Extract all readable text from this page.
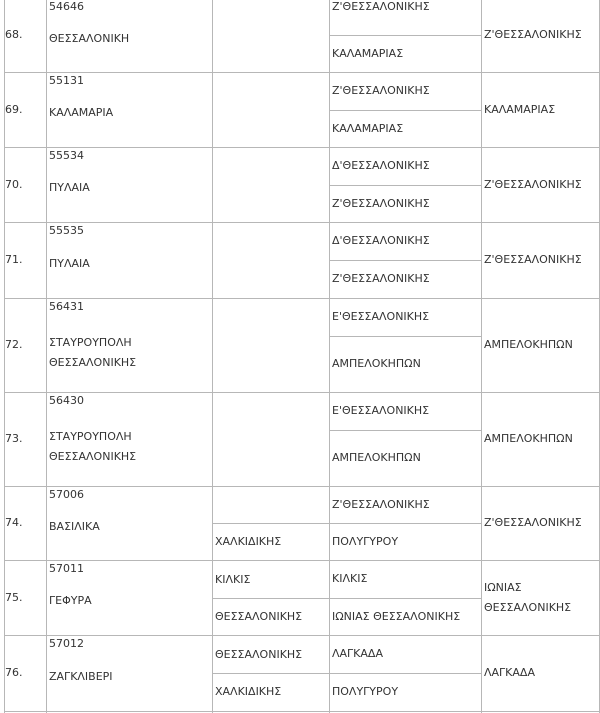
68.
54646
ΘΕΣΣΑΛΟΝΙΚΗ
Ζ'ΘΕΣΣΑΛΟΝΙΚΗΣ
ΚΑΛΑΜΑΡΙΑΣ
Ζ'ΘΕΣΣΑΛΟΝΙΚΗΣ
69.
55131
ΚΑΛΑΜΑΡΙΑ
Ζ'ΘΕΣΣΑΛΟΝΙΚΗΣ
ΚΑΛΑΜΑΡΙΑΣ
ΚΑΛΑΜΑΡΙΑΣ
70.
55534
ΠΥΛΑΙΑ
Δ'ΘΕΣΣΑΛΟΝΙΚΗΣ
Ζ'ΘΕΣΣΑΛΟΝΙΚΗΣ
Ζ'ΘΕΣΣΑΛΟΝΙΚΗΣ
71.
55535
ΠΥΛΑΙΑ
Δ'ΘΕΣΣΑΛΟΝΙΚΗΣ
Ζ'ΘΕΣΣΑΛΟΝΙΚΗΣ
Ζ'ΘΕΣΣΑΛΟΝΙΚΗΣ
72.
56431
ΣΤΑΥΡΟΥΠΟΛΗ
ΘΕΣΣΑΛΟΝΙΚΗΣ
Ε'ΘΕΣΣΑΛΟΝΙΚΗΣ
ΑΜΠΕΛΟΚΗΠΩΝ
ΑΜΠΕΛΟΚΗΠΩΝ
73.
56430
ΣΤΑΥΡΟΥΠΟΛΗ
ΘΕΣΣΑΛΟΝΙΚΗΣ
Ε'ΘΕΣΣΑΛΟΝΙΚΗΣ
ΑΜΠΕΛΟΚΗΠΩΝ
ΑΜΠΕΛΟΚΗΠΩΝ
74.
57006
ΒΑΣΙΛΙΚΑ
ΧΑΛΚΙΔΙΚΗΣ
Ζ'ΘΕΣΣΑΛΟΝΙΚΗΣ
ΠΟΛΥΓΥΡΟΥ
Ζ'ΘΕΣΣΑΛΟΝΙΚΗΣ
75.
57011
ΓΕΦΥΡΑ
ΚΙΛΚΙΣ
ΘΕΣΣΑΛΟΝΙΚΗΣ
ΚΙΛΚΙΣ
ΙΩΝΙΑΣ ΘΕΣΣΑΛΟΝΙΚΗΣ
ΙΩΝΙΑΣ
ΘΕΣΣΑΛΟΝΙΚΗΣ
76.
57012
ΖΑΓΚΛΙΒΕΡΙ
ΘΕΣΣΑΛΟΝΙΚΗΣ
ΧΑΛΚΙΔΙΚΗΣ
ΛΑΓΚΑΔΑ
ΠΟΛΥΓΥΡΟΥ
ΛΑΓΚΑΔΑ
